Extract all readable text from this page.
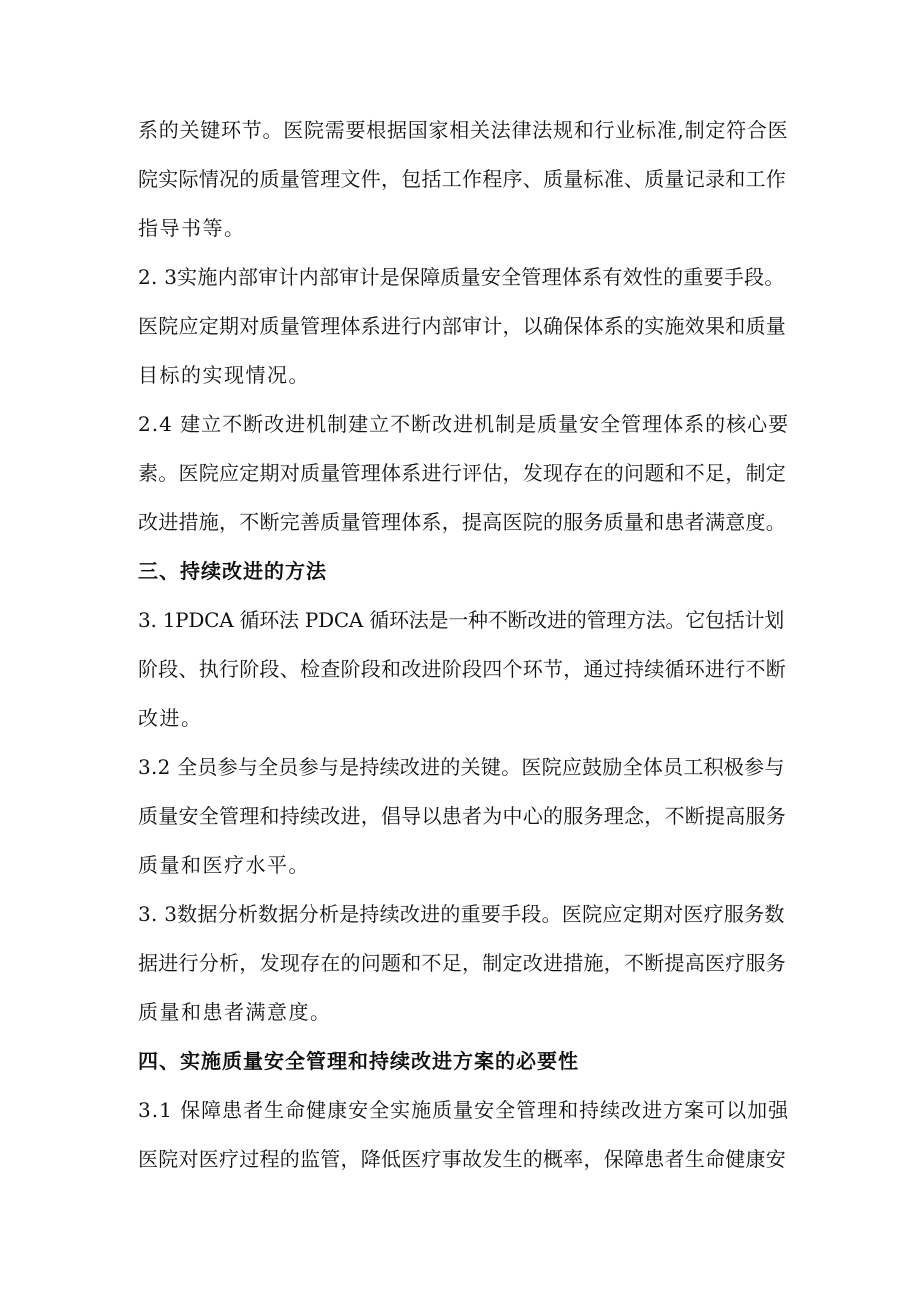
系的关键环节。医院需要根据国家相关法律法规和行业标准,制定符合医
院实际情况的质量管理文件，包括工作程序、质量标准、质量记录和工作
指导书等。
2. 3实施内部审计内部审计是保障质量安全管理体系有效性的重要手段。
医院应定期对质量管理体系进行内部审计，以确保体系的实施效果和质量
目标的实现情况。
2.4 建立不断改进机制建立不断改进机制是质量安全管理体系的核心要
素。医院应定期对质量管理体系进行评估，发现存在的问题和不足，制定
改进措施，不断完善质量管理体系，提高医院的服务质量和患者满意度。
三、持续改进的方法
3. 1PDCA 循环法 PDCA 循环法是一种不断改进的管理方法。它包括计划
阶段、执行阶段、检查阶段和改进阶段四个环节，通过持续循环进行不断
改进。
3.2 全员参与全员参与是持续改进的关键。医院应鼓励全体员工积极参与
质量安全管理和持续改进，倡导以患者为中心的服务理念，不断提高服务
质量和医疗水平。
3. 3数据分析数据分析是持续改进的重要手段。医院应定期对医疗服务数
据进行分析，发现存在的问题和不足，制定改进措施，不断提高医疗服务
质量和患者满意度。
四、实施质量安全管理和持续改进方案的必要性
3.1 保障患者生命健康安全实施质量安全管理和持续改进方案可以加强
医院对医疗过程的监管，降低医疗事故发生的概率，保障患者生命健康安
